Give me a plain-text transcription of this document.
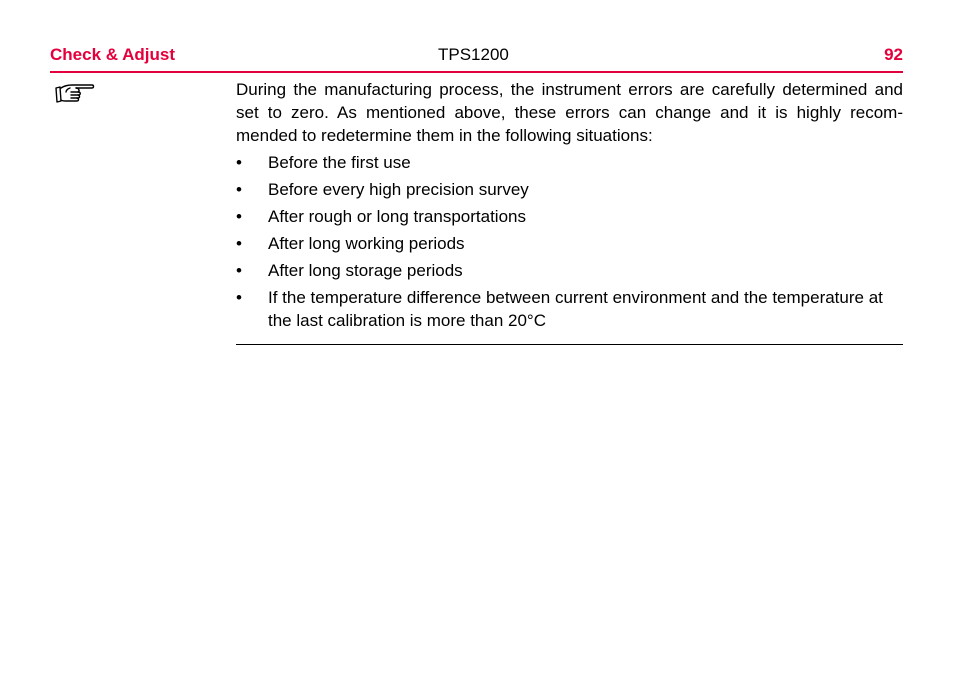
Check & Adjust	TPS1200	92

During the manufacturing process, the instrument errors are carefully determined and set to zero. As mentioned above, these errors can change and it is highly recom-mended to redetermine them in the following situations:

• Before the first use
• Before every high precision survey
• After rough or long transportations
• After long working periods
• After long storage periods
• If the temperature difference between current environment and the temperature at the last calibration is more than 20°C
